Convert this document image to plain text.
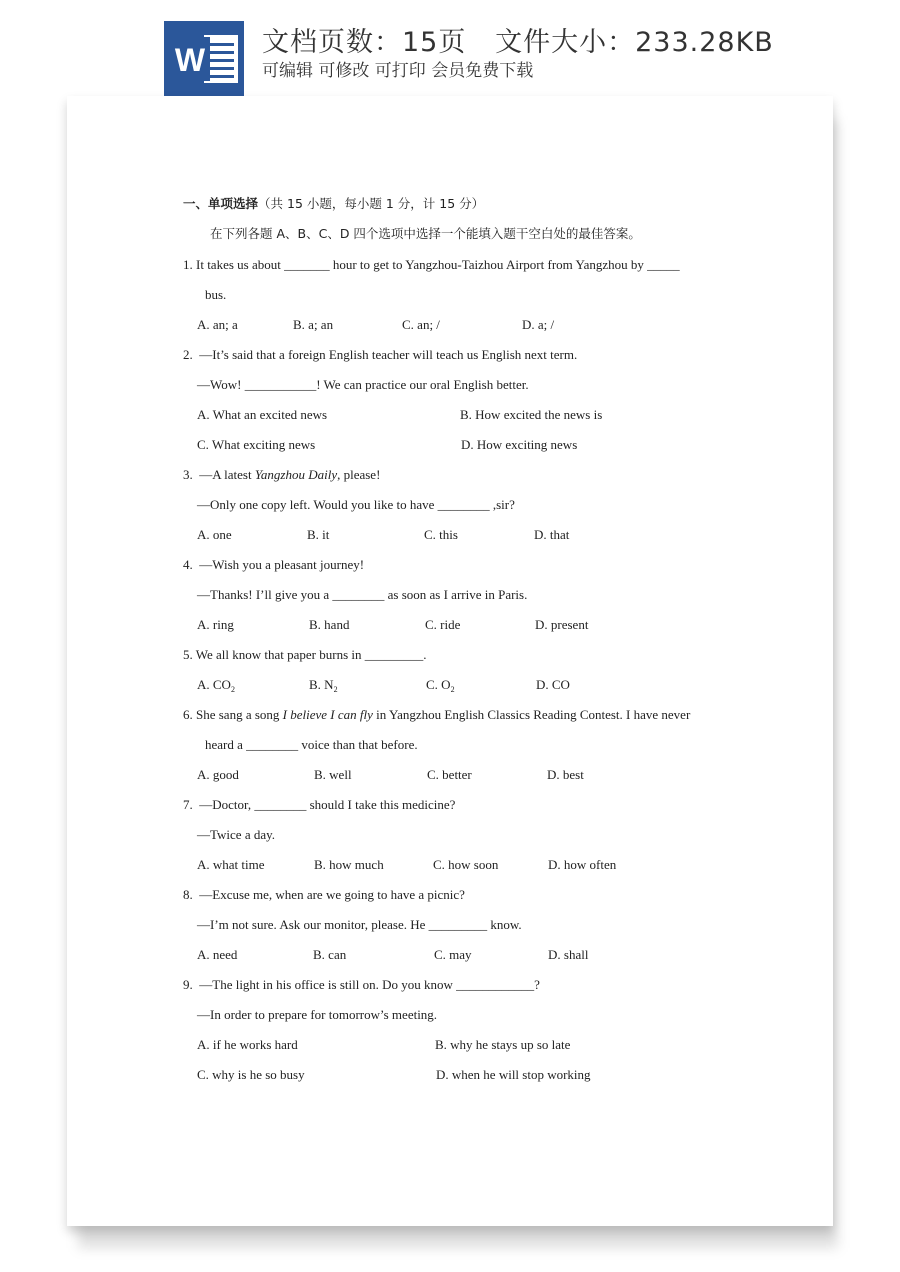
W 文档页数：15页   文件大小：233.28KB
可编辑 可修改 可打印 会员免费下载
一、单项选择（共 15 小题，每小题 1 分，计 15 分）
在下列各题 A、B、C、D 四个选项中选择一个能填入题干空白处的最佳答案。
1. It takes us about _______ hour to get to Yangzhou-Taizhou Airport from Yangzhou by _____
bus.
A. an; a	B. a; an	C. an; /	D. a; /
2.  —It’s said that a foreign English teacher will teach us English next term.
—Wow! ___________! We can practice our oral English better.
A. What an excited news	B. How excited the news is
C. What exciting news	D. How exciting news
3.  —A latest Yangzhou Daily, please!
—Only one copy left. Would you like to have ________ ,sir?
A. one	B. it	C. this	D. that
4.  —Wish you a pleasant journey!
—Thanks! I’ll give you a ________ as soon as I arrive in Paris.
A. ring	B. hand	C. ride	D. present
5. We all know that paper burns in _________.
A. $CO_2$	B. $N_2$	C. $O_2$	D. CO
6. She sang a song I believe I can fly in Yangzhou English Classics Reading Contest. I have never
heard a ________ voice than that before.
A. good	B. well	C. better	D. best
7.  —Doctor, ________ should I take this medicine?
—Twice a day.
A. what time	B. how much	C. how soon	D. how often
8.  —Excuse me, when are we going to have a picnic?
—I’m not sure. Ask our monitor, please. He _________ know.
A. need	B. can	C. may	D. shall
9.  —The light in his office is still on. Do you know ____________?
—In order to prepare for tomorrow’s meeting.
A. if he works hard	B. why he stays up so late
C. why is he so busy	D. when he will stop working
